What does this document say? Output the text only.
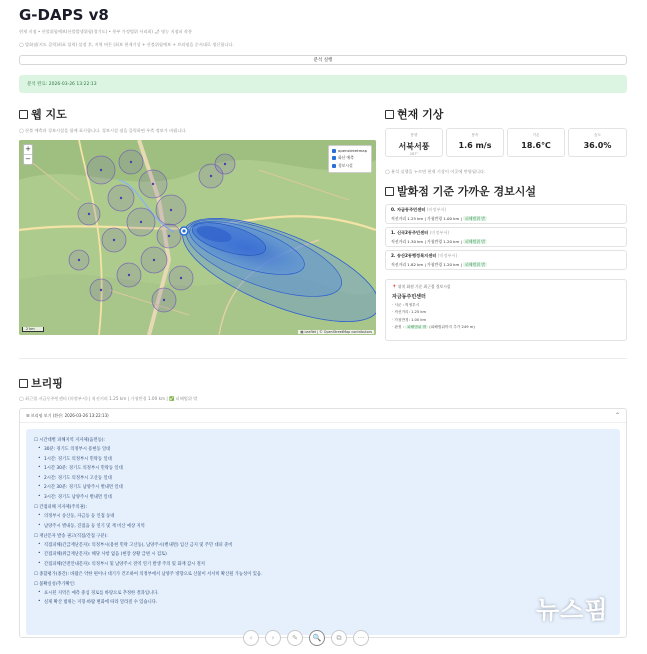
G-DAPS v8
현재 지점 • 산불위험예보(산불발생위험(경기도) • 풍부 가정범위 서리최) 🌶 명능 지점퍼 작풍
◯ 발화점(지도 클릭)최표 입력) 설정 후, 지역 버튼 (최보 현재기상 + 산불위험예보 + 브리핑을 순서대로 생신합니다.
분석 실행
분석 완료: 2026-03-26 13:22:13
웹 지도
◯ 산불 예측과 경보시설을 함께 표시합니다. 경보시설 점을 클릭하면 우측 정보가 바뀝니다.
+
−
openstreetmap
화산 예측
경보시설
2 km
▦ Leaflet | © OpenStreetMap contributors
현재 기상
풍향
서북서풍
287°
풍속
1.6 m/s
기온
18.6℃
습도
36.0%
◯ 분석 실행을 누르면 현재 기상이 이곳에 반영됩니다.
발화점 기준 가까운 경보시설
0. 자금동주민센터 (미정부서)
직선거리 1.25 km | 가청반경 1.00 km | 피해범위 밖
1. 신곡2동주민센터 (미정부서)
직선거리 1.30 km | 가청반경 1.20 km | 피해범위 밖
2. 송산2동행정복지센터 (미정부서)
직선거리 1.82 km | 가청반경 1.20 km | 피해범위 밖
📍 위치 화점 기준 최근접 경보시설
자금동주민센터
· 시군 : 의정부시
· 직선거리: 1.25 km
· 가청반경: 1.00 km
· 판정 : 피해범위 밖 (피해범위까지 추가 249 m)
브리핑
◯ 최근접 자금동주민센터 (의정부시) | 직선거리 1.25 km | 가청반경 1.00 km | ✅ 피해범위 밖
☰ 브리핑 보기 (환산: 2026-03-26 13:22:13)	⌃
☐ 시간대별 피해지역 지자체(읍면동):
• 30분: 경기도 의정부시 용현동 일대
• 1시간: 경기도 의정부시 민락동 일대
• 1시간 30분: 경기도 의정부시 민락동 일대
• 2시간: 경기도 의정부시 고산동 일대
• 2시간 30분: 경기도 남양주시 별내면 일대
• 3시간: 경기도 남양주시 별내면 일대
☐ 간접피해 지자체(주의권):
• 의정부시 송산동, 자금동 등 인접 동네
• 남양주시 별내동, 진접읍 등 연기 및 재 비산 예상 지역
☐ 재난문자 발송 권고(직접/간접 구분):
• 직접피해(긴급재난문자): 의정부시(용현 민락 고산동), 남양주시(별내면) 입산 금지 및 주민 대피 준비
• 간접피해(위급재난문자): 해당 사항 없음 (현장 상황 급변 시 검토)
• 간접피해(안전안내문자): 의정부시 및 남양주시 전역 연기 발생 주의 및 화재 감시 철저
☐ 종합평가(종간): 바람은 약한 편이나 대기가 건조하여 의정부에서 남양주 방향으로 산불이 서서히 확산될 가능성이 있음.
☐ 불확실성/추가확인:
• 표시된 지역은 예측 중심 경로를 바탕으로 추정한 결과입니다.
• 실제 확산 범위는 지형·바람 변화에 따라 달라질 수 있습니다.
‹	›	✎	🔍	⧉	···
뉴스핌
